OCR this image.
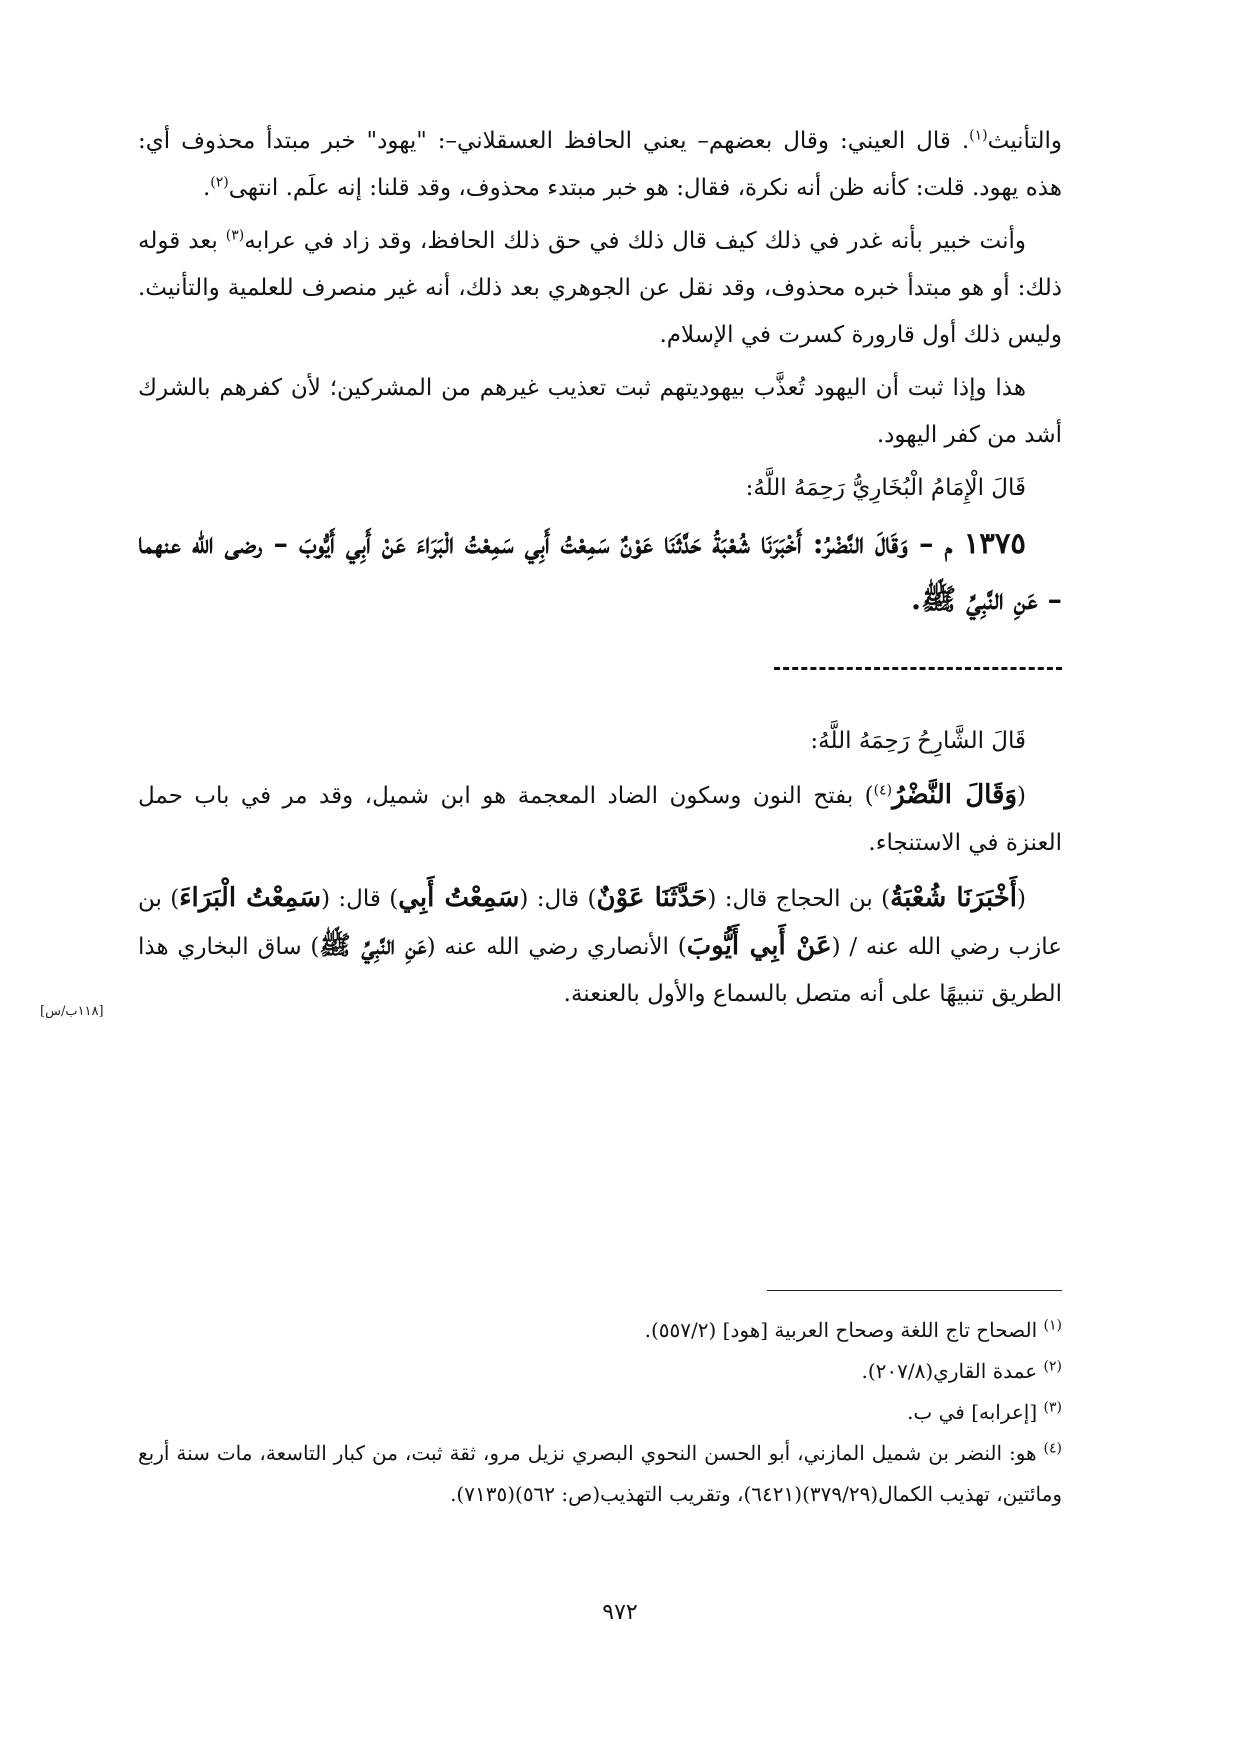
والتأنيث$^{(١)}$. قال العيني: وقال بعضهم– يعني الحافظ العسقلاني–: "يهود" خبر مبتدأ محذوف أي: هذه يهود. قلت: كأنه ظن أنه نكرة، فقال: هو خبر مبتدء محذوف، وقد قلنا: إنه علَم. انتهى$^{(٢)}$.

وأنت خبير بأنه غدر في ذلك كيف قال ذلك في حق ذلك الحافظ، وقد زاد في عرابه$^{(٣)}$ بعد قوله ذلك: أو هو مبتدأ خبره محذوف، وقد نقل عن الجوهري بعد ذلك، أنه غير منصرف للعلمية والتأنيث. وليس ذلك أول قارورة كسرت في الإسلام.

هذا وإذا ثبت أن اليهود تُعذَّب بيهوديتهم ثبت تعذيب غيرهم من المشركين؛ لأن كفرهم بالشرك أشد من كفر اليهود.

قَالَ الْإِمَامُ الْبُخَارِيُّ رَحِمَهُ اللَّهُ:

١٣٧٥ م – وَقَالَ النَّضْرُ: أَخْبَرَنَا شُعْبَةُ حَدَّثَنَا عَوْنٌ سَمِعْتُ أَبِي سَمِعْتُ الْبَرَاءَ عَنْ أَبِي أَيُّوبَ – رضى الله عنهما – عَنِ النَّبِيِّ ﷺ.

قَالَ الشَّارِحُ رَحِمَهُ اللَّهُ:

(وَقَالَ النَّضْرُ$^{(٤)}$) بفتح النون وسكون الضاد المعجمة هو ابن شميل، وقد مر في باب حمل العنزة في الاستنجاء.

(أَخْبَرَنَا شُعْبَةُ) بن الحجاج قال: (حَدَّثَنَا عَوْنٌ) قال: (سَمِعْتُ أَبِي) قال: (سَمِعْتُ الْبَرَاءَ) بن عازب رضي الله عنه / (عَنْ أَبِي أَيُّوبَ) الأنصاري رضي الله عنه (عَنِ النَّبِيِّ ﷺ) ساق البخاري هذا الطريق تنبيهًا على أنه متصل بالسماع والأول بالعنعنة.

[١١٨ب/س]

$^{(١)}$ الصحاح تاج اللغة وصحاح العربية [هود] (٥٥٧/٢).

$^{(٢)}$ عمدة القاري(٢٠٧/٨).

$^{(٣)}$ [إعرابه] في ب.

$^{(٤)}$ هو: النضر بن شميل المازني، أبو الحسن النحوي البصري نزيل مرو، ثقة ثبت، من كبار التاسعة، مات سنة أربع ومائتين، تهذيب الكمال(٣٧٩/٢٩)(٦٤٢١)، وتقريب التهذيب(ص: ٥٦٢)(٧١٣٥).

٩٧٢
